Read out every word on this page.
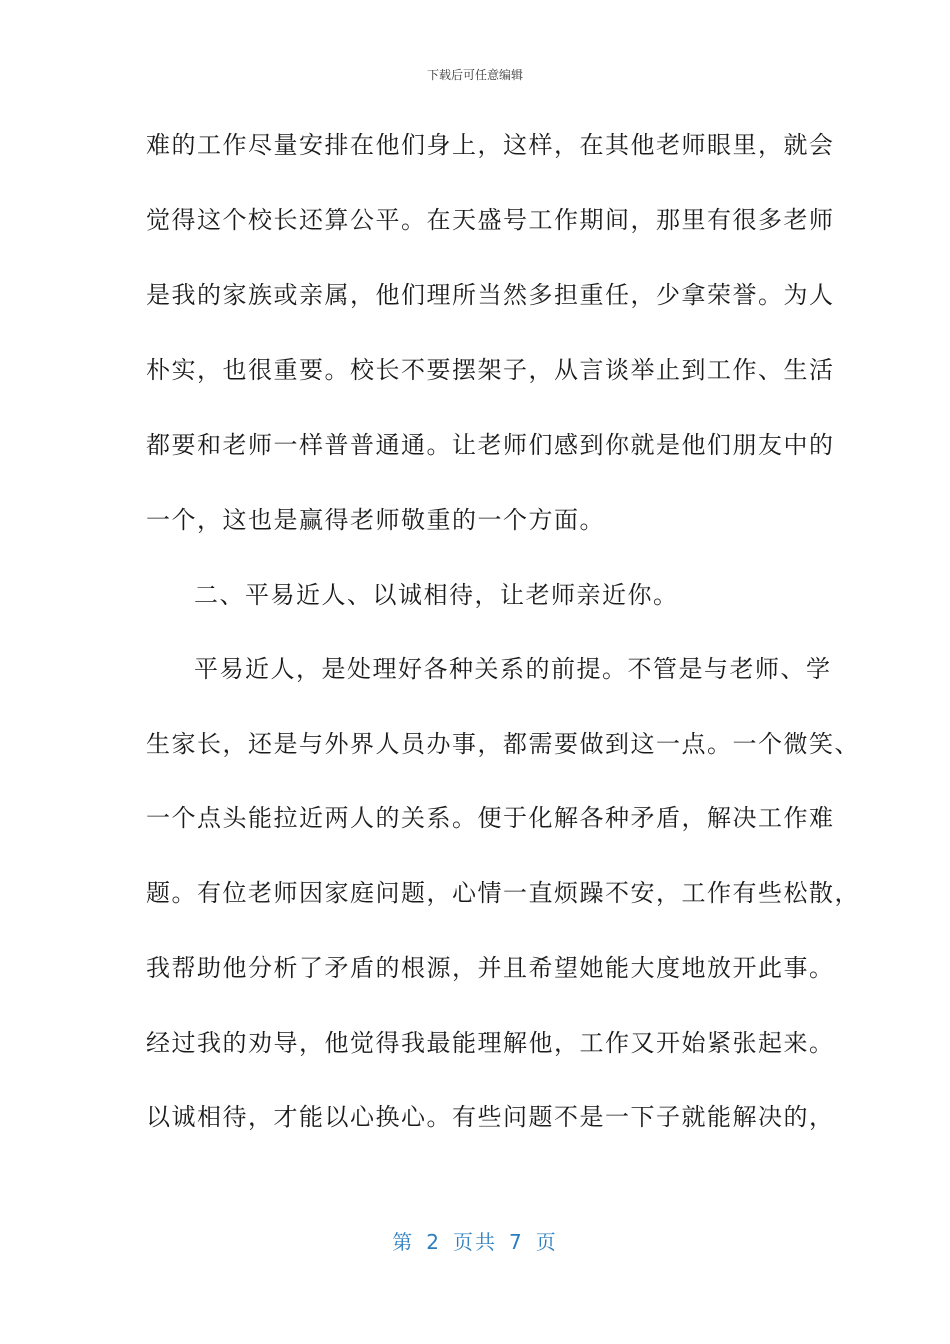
下载后可任意编辑
难的工作尽量安排在他们身上，这样，在其他老师眼里，就会
觉得这个校长还算公平。在天盛号工作期间，那里有很多老师
是我的家族或亲属，他们理所当然多担重任，少拿荣誉。为人
朴实，也很重要。校长不要摆架子，从言谈举止到工作、生活
都要和老师一样普普通通。让老师们感到你就是他们朋友中的
一个，这也是赢得老师敬重的一个方面。
二、平易近人、以诚相待，让老师亲近你。
平易近人，是处理好各种关系的前提。不管是与老师、学
生家长，还是与外界人员办事，都需要做到这一点。一个微笑、
一个点头能拉近两人的关系。便于化解各种矛盾，解决工作难
题。有位老师因家庭问题，心情一直烦躁不安，工作有些松散，
我帮助他分析了矛盾的根源，并且希望她能大度地放开此事。
经过我的劝导，他觉得我最能理解他，工作又开始紧张起来。
以诚相待，才能以心换心。有些问题不是一下子就能解决的，
第 2 页共 7 页
